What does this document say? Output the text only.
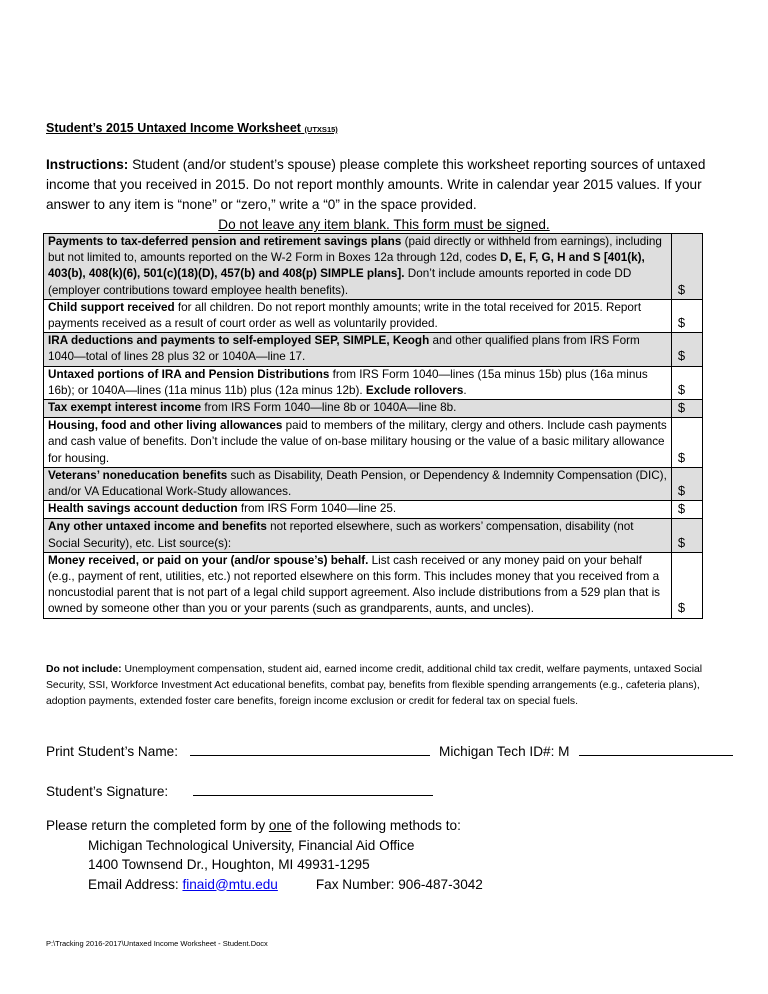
Student’s 2015 Untaxed Income Worksheet (UTXS15)
Instructions: Student (and/or student’s spouse) please complete this worksheet reporting sources of untaxed income that you received in 2015. Do not report monthly amounts. Write in calendar year 2015 values. If your answer to any item is “none” or “zero,” write a “0” in the space provided.
Do not leave any item blank. This form must be signed.
Payments to tax-deferred pension and retirement savings plans (paid directly or withheld from earnings), including but not limited to, amounts reported on the W-2 Form in Boxes 12a through 12d, codes D, E, F, G, H and S [401(k), 403(b), 408(k)(6), 501(c)(18)(D), 457(b) and 408(p) SIMPLE plans]. Don’t include amounts reported in code DD (employer contributions toward employee health benefits).	$
Child support received for all children. Do not report monthly amounts; write in the total received for 2015. Report payments received as a result of court order as well as voluntarily provided.	$
IRA deductions and payments to self-employed SEP, SIMPLE, Keogh and other qualified plans from IRS Form 1040—total of lines 28 plus 32 or 1040A—line 17.	$
Untaxed portions of IRA and Pension Distributions from IRS Form 1040—lines (15a minus 15b) plus (16a minus 16b); or 1040A—lines (11a minus 11b) plus (12a minus 12b). Exclude rollovers.	$
Tax exempt interest income from IRS Form 1040—line 8b or 1040A—line 8b.	$
Housing, food and other living allowances paid to members of the military, clergy and others. Include cash payments and cash value of benefits. Don’t include the value of on-base military housing or the value of a basic military allowance for housing.	$
Veterans’ noneducation benefits such as Disability, Death Pension, or Dependency & Indemnity Compensation (DIC), and/or VA Educational Work-Study allowances.	$
Health savings account deduction from IRS Form 1040—line 25.	$
Any other untaxed income and benefits not reported elsewhere, such as workers’ compensation, disability (not Social Security), etc. List source(s):	$
Money received, or paid on your (and/or spouse’s) behalf. List cash received or any money paid on your behalf (e.g., payment of rent, utilities, etc.) not reported elsewhere on this form. This includes money that you received from a noncustodial parent that is not part of a legal child support agreement. Also include distributions from a 529 plan that is owned by someone other than you or your parents (such as grandparents, aunts, and uncles).	$
Do not include: Unemployment compensation, student aid, earned income credit, additional child tax credit, welfare payments, untaxed Social Security, SSI, Workforce Investment Act educational benefits, combat pay, benefits from flexible spending arrangements (e.g., cafeteria plans), adoption payments, extended foster care benefits, foreign income exclusion or credit for federal tax on special fuels.
Print Student’s Name:	Michigan Tech ID#: M
Student’s Signature:
Please return the completed form by one of the following methods to:
Michigan Technological University, Financial Aid Office
1400 Townsend Dr., Houghton, MI 49931-1295
Email Address: finaid@mtu.edu	Fax Number: 906-487-3042
P:\Tracking 2016-2017\Untaxed Income Worksheet - Student.Docx
